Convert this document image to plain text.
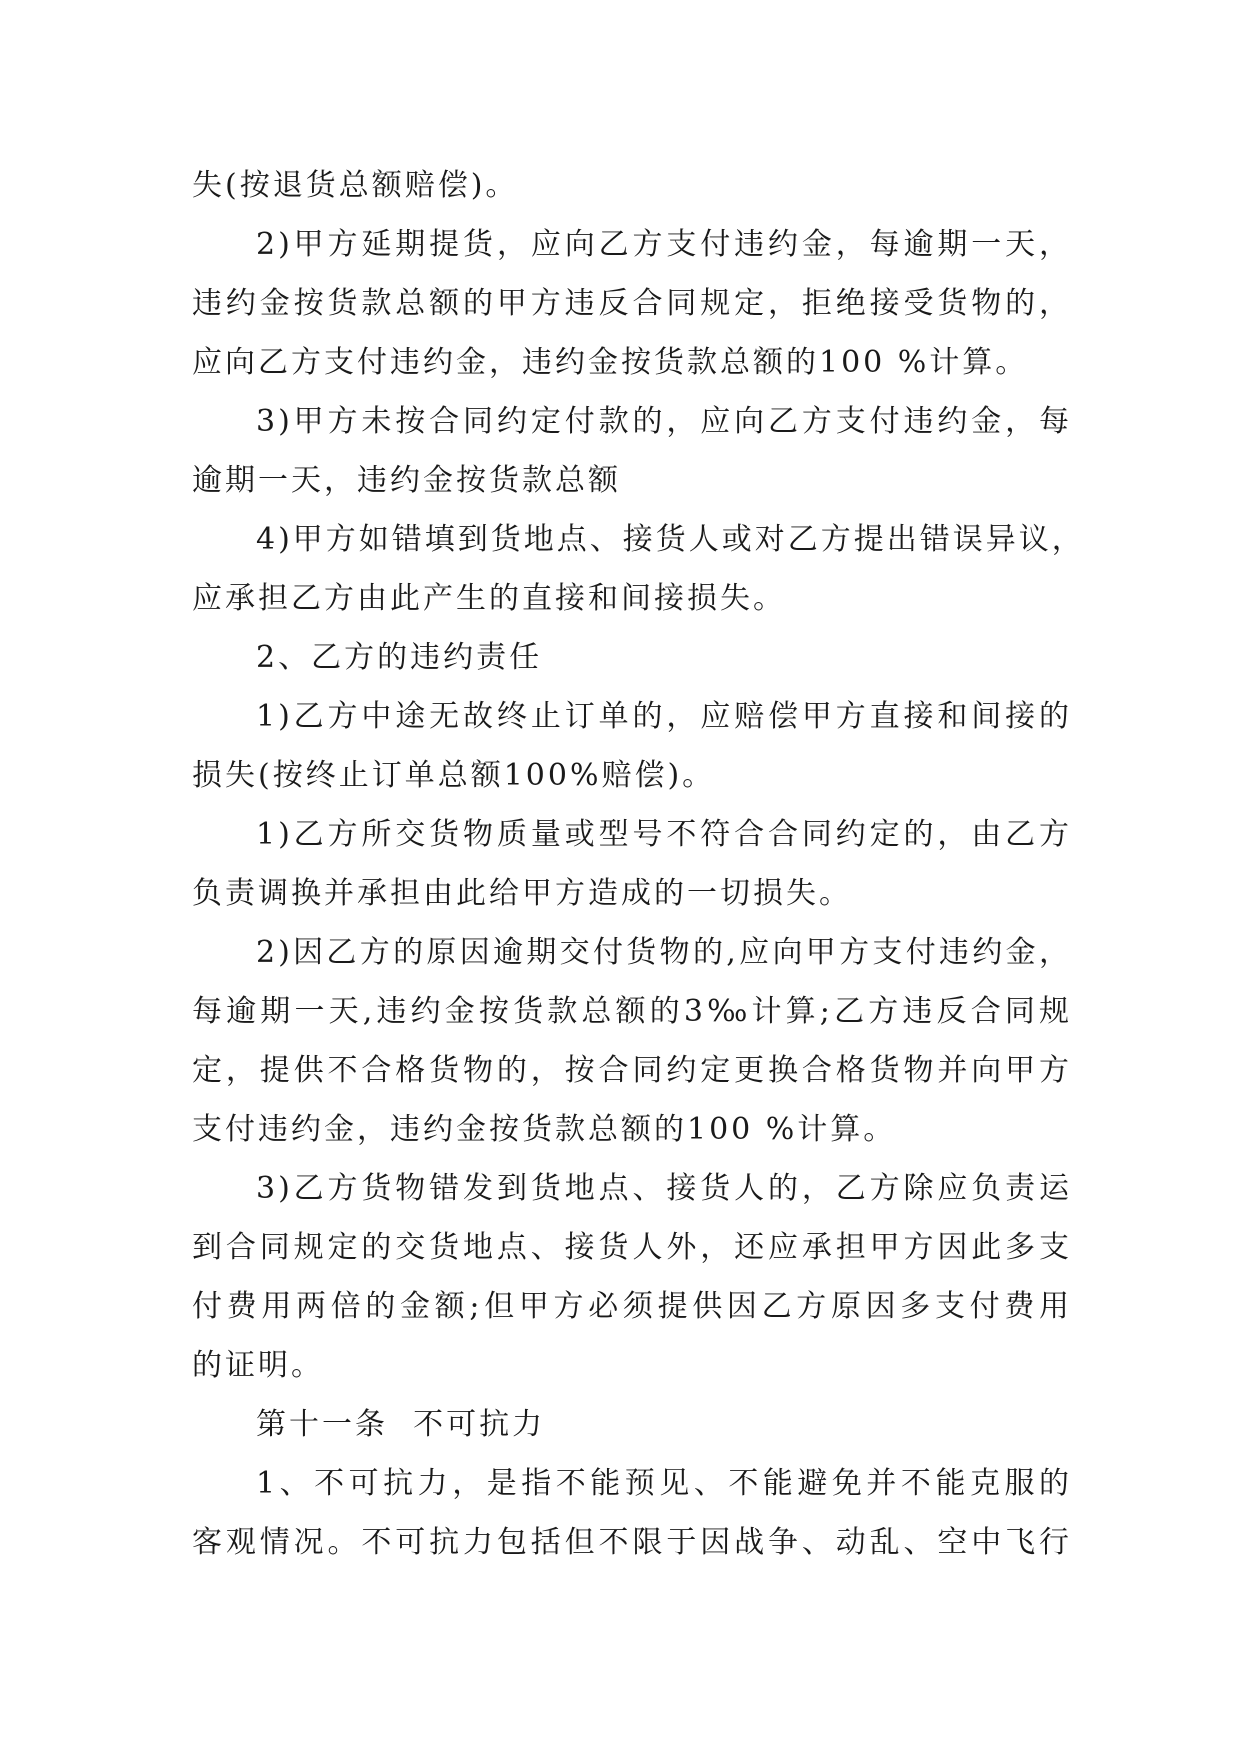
失(按退货总额赔偿)。

2)甲方延期提货，应向乙方支付违约金，每逾期一天，
违约金按货款总额的甲方违反合同规定，拒绝接受货物的，
应向乙方支付违约金，违约金按货款总额的100 %计算。

3)甲方未按合同约定付款的，应向乙方支付违约金，每
逾期一天，违约金按货款总额

4)甲方如错填到货地点、接货人或对乙方提出错误异议，
应承担乙方由此产生的直接和间接损失。

2、乙方的违约责任

1)乙方中途无故终止订单的，应赔偿甲方直接和间接的
损失(按终止订单总额100%赔偿)。

1)乙方所交货物质量或型号不符合合同约定的，由乙方
负责调换并承担由此给甲方造成的一切损失。

2)因乙方的原因逾期交付货物的,应向甲方支付违约金，
每逾期一天,违约金按货款总额的3‰计算;乙方违反合同规
定，提供不合格货物的，按合同约定更换合格货物并向甲方
支付违约金，违约金按货款总额的100 %计算。

3)乙方货物错发到货地点、接货人的，乙方除应负责运
到合同规定的交货地点、接货人外，还应承担甲方因此多支
付费用两倍的金额;但甲方必须提供因乙方原因多支付费用
的证明。

第十一条  不可抗力

1、不可抗力，是指不能预见、不能避免并不能克服的
客观情况。不可抗力包括但不限于因战争、动乱、空中飞行
